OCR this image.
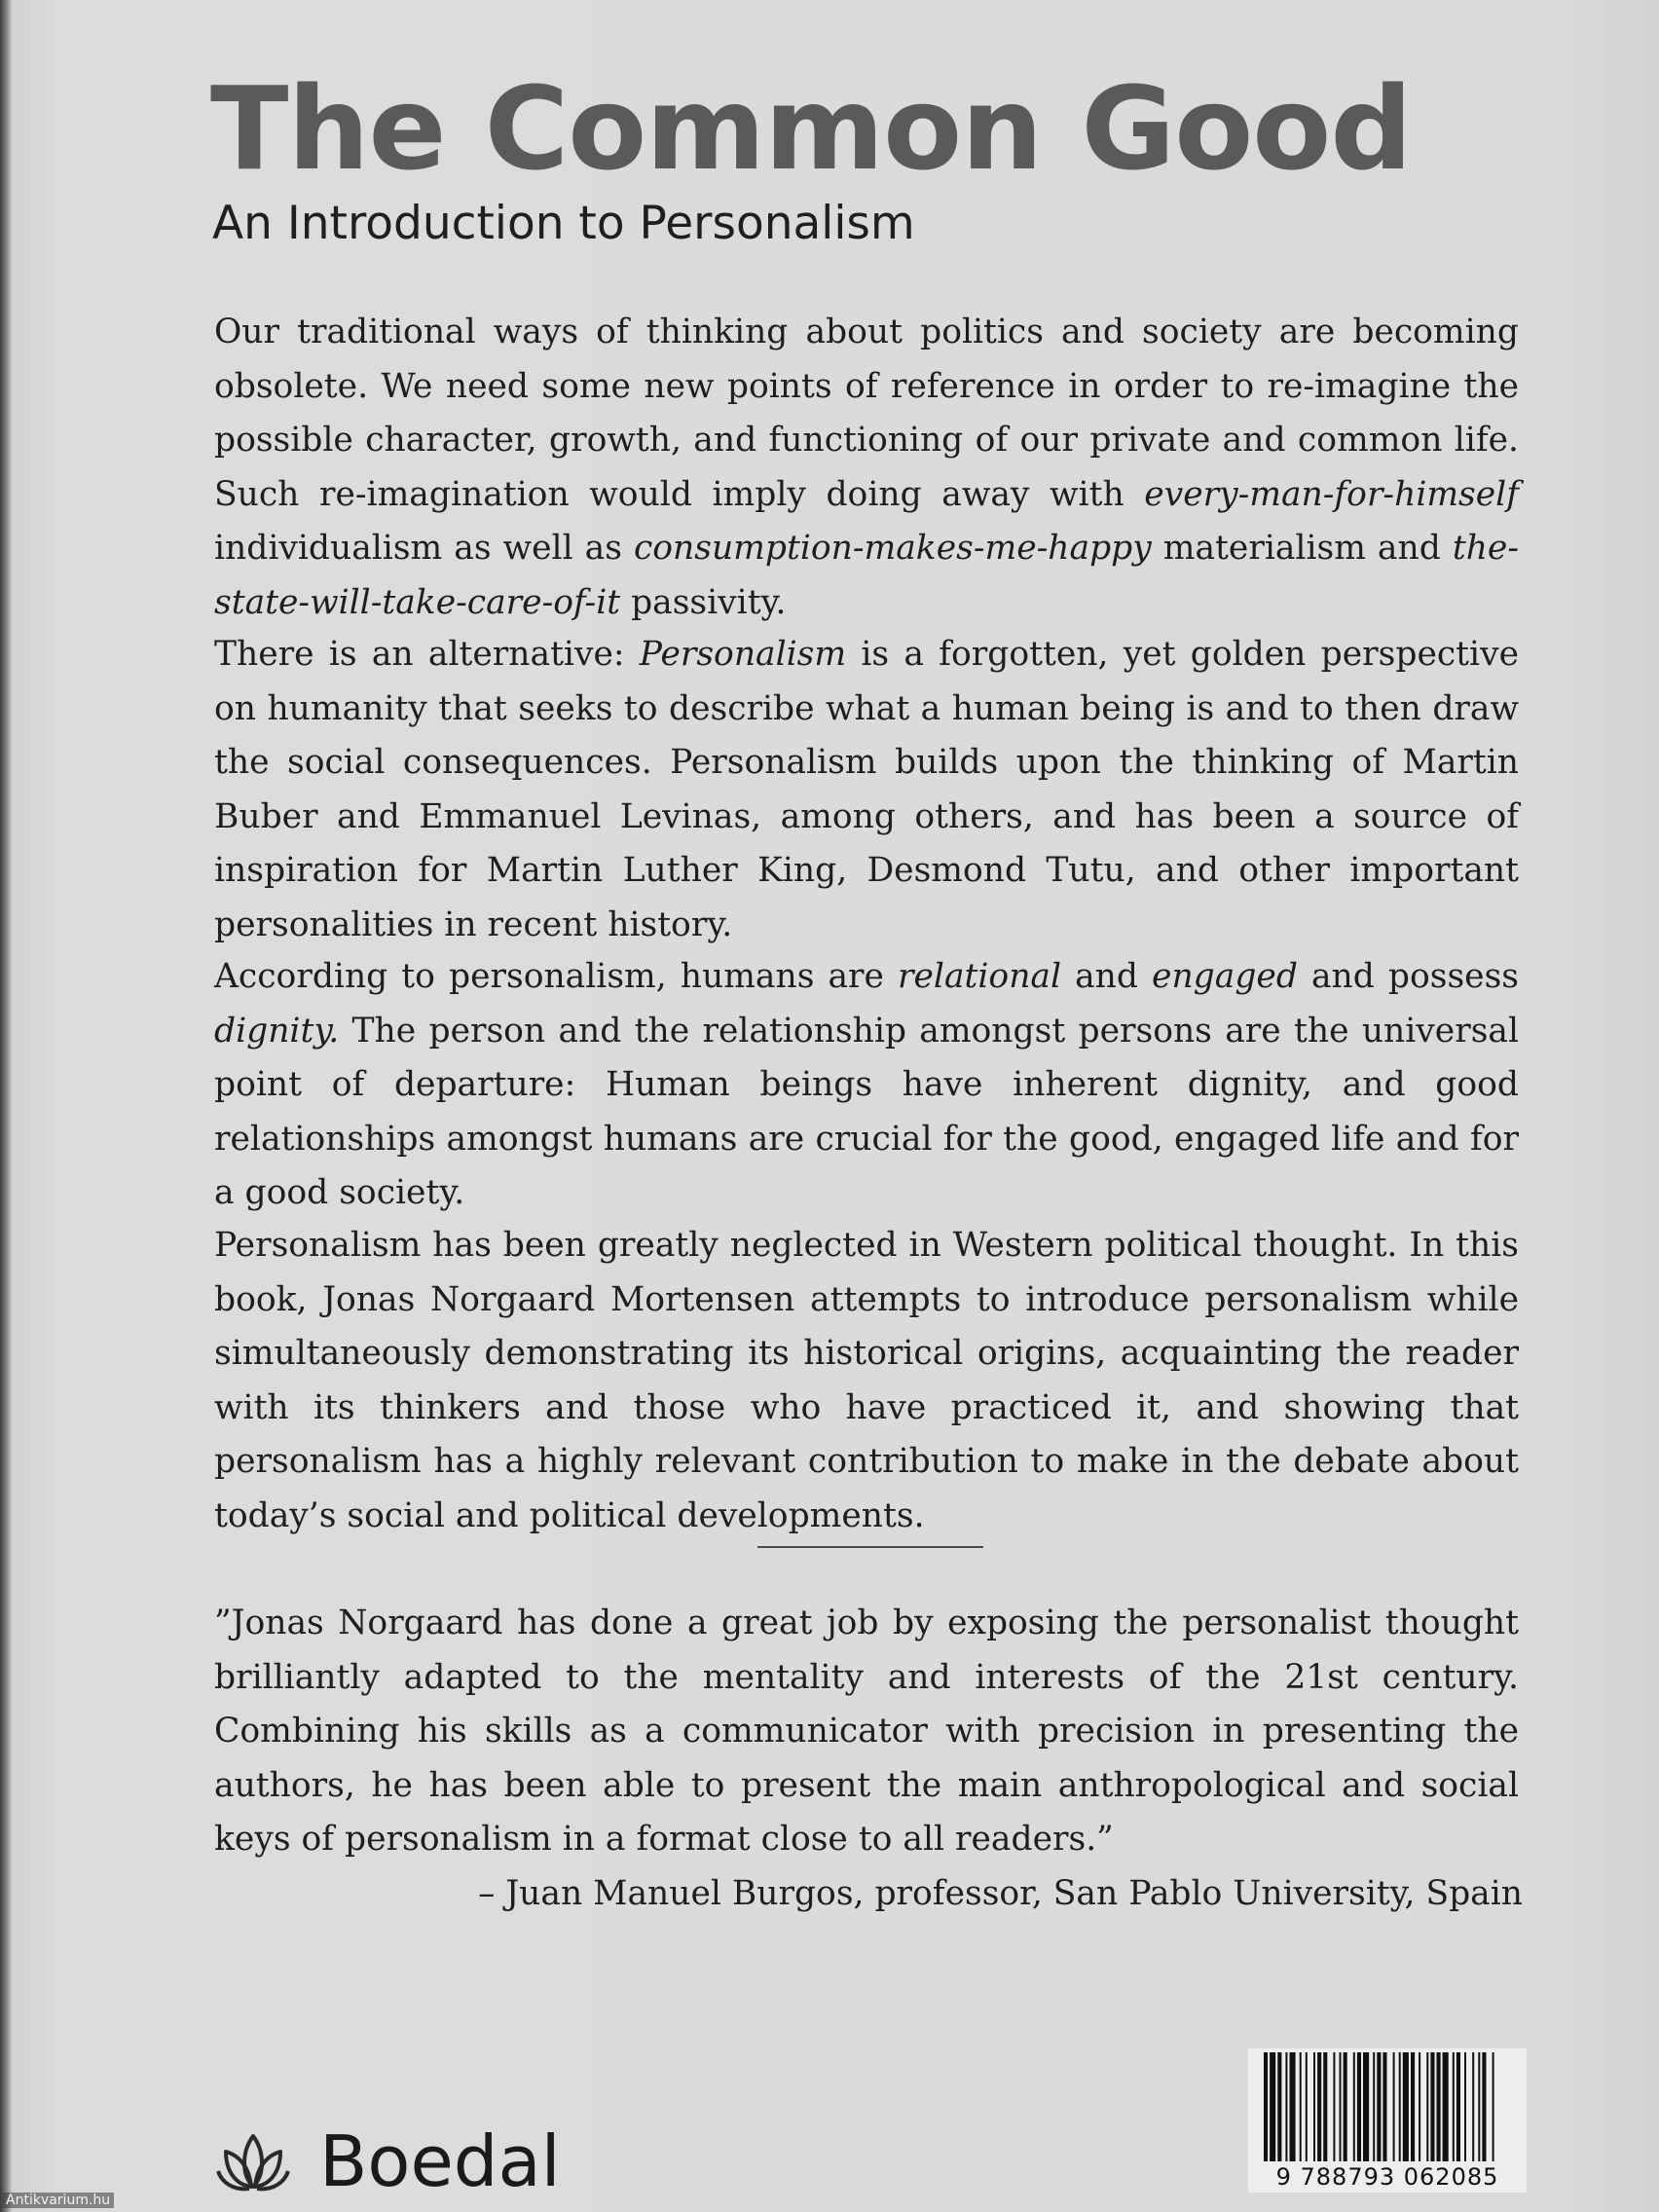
The Common Good
An Introduction to Personalism

Our traditional ways of thinking about politics and society are becoming obsolete. We need some new points of reference in order to re-imagine the possible character, growth, and functioning of our private and common life. Such re-imagination would imply doing away with every-man-for-himself individualism as well as consumption-makes-me-happy materialism and the-state-will-take-care-of-it passivity.

There is an alternative: Personalism is a forgotten, yet golden perspective on humanity that seeks to describe what a human being is and to then draw the social consequences. Personalism builds upon the thinking of Martin Buber and Emmanuel Levinas, among others, and has been a source of inspiration for Martin Luther King, Desmond Tutu, and other important personalities in recent history.

According to personalism, humans are relational and engaged and possess dignity. The person and the relationship amongst persons are the universal point of departure: Human beings have inherent dignity, and good relationships amongst humans are crucial for the good, engaged life and for a good society.

Personalism has been greatly neglected in Western political thought. In this book, Jonas Norgaard Mortensen attempts to introduce personalism while simultaneously demonstrating its historical origins, acquainting the reader with its thinkers and those who have practiced it, and showing that personalism has a highly relevant contribution to make in the debate about today’s social and political developments.

”Jonas Norgaard has done a great job by exposing the personalist thought brilliantly adapted to the mentality and interests of the 21st century. Combining his skills as a communicator with precision in presenting the authors, he has been able to present the main anthropological and social keys of personalism in a format close to all readers.”

– Juan Manuel Burgos, professor, San Pablo University, Spain

Boedal	9 788793 062085
Antikvarium.hu
